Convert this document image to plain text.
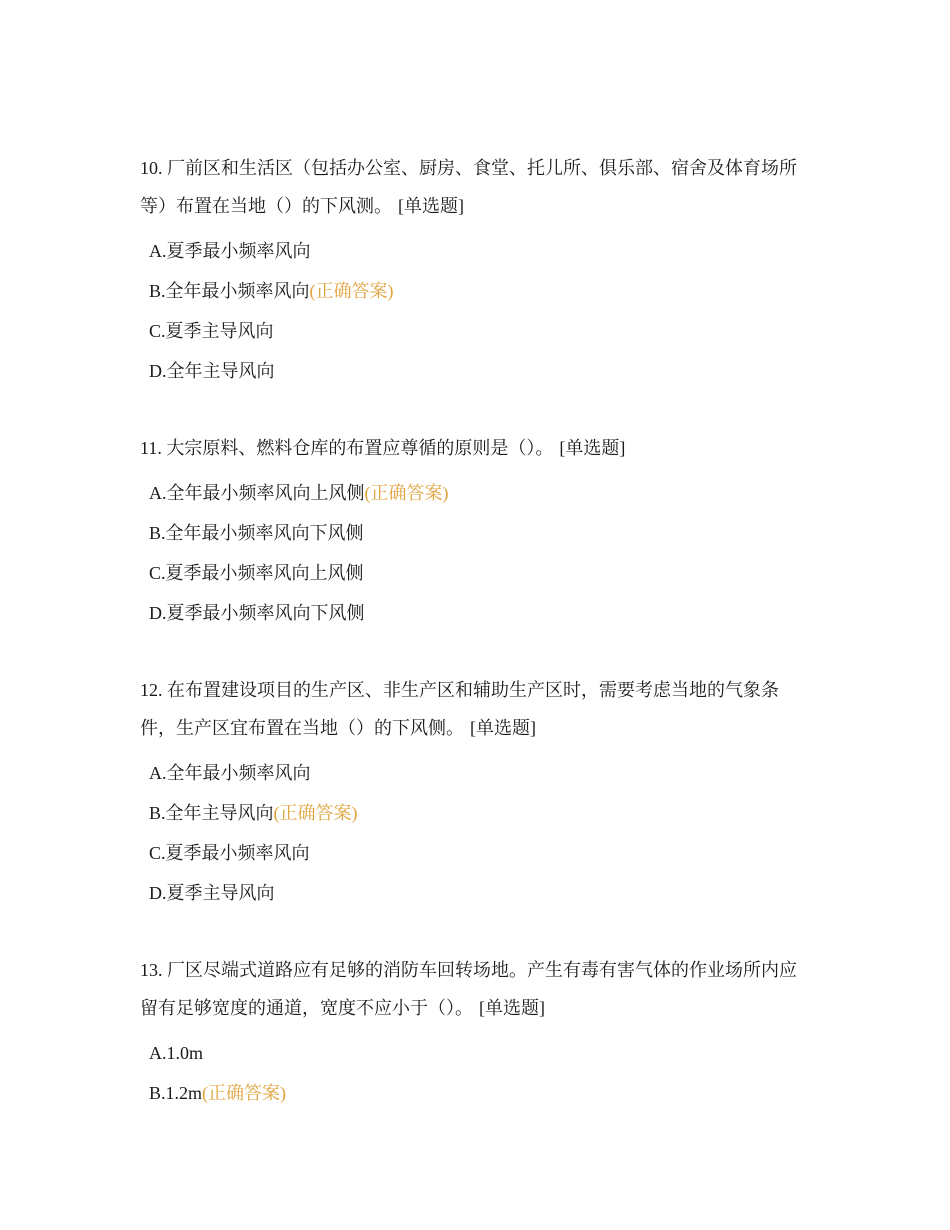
10. 厂前区和生活区（包括办公室、厨房、食堂、托儿所、俱乐部、宿舍及体育场所等）布置在当地（）的下风测。 [单选题]

A.夏季最小频率风向
B.全年最小频率风向(正确答案)
C.夏季主导风向
D.全年主导风向

11. 大宗原料、燃料仓库的布置应尊循的原则是（）。 [单选题]

A.全年最小频率风向上风侧(正确答案)
B.全年最小频率风向下风侧
C.夏季最小频率风向上风侧
D.夏季最小频率风向下风侧

12. 在布置建设项目的生产区、非生产区和辅助生产区时，需要考虑当地的气象条件，生产区宜布置在当地（）的下风侧。 [单选题]

A.全年最小频率风向
B.全年主导风向(正确答案)
C.夏季最小频率风向
D.夏季主导风向

13. 厂区尽端式道路应有足够的消防车回转场地。产生有毒有害气体的作业场所内应留有足够宽度的通道，宽度不应小于（）。 [单选题]

A.1.0m
B.1.2m(正确答案)
